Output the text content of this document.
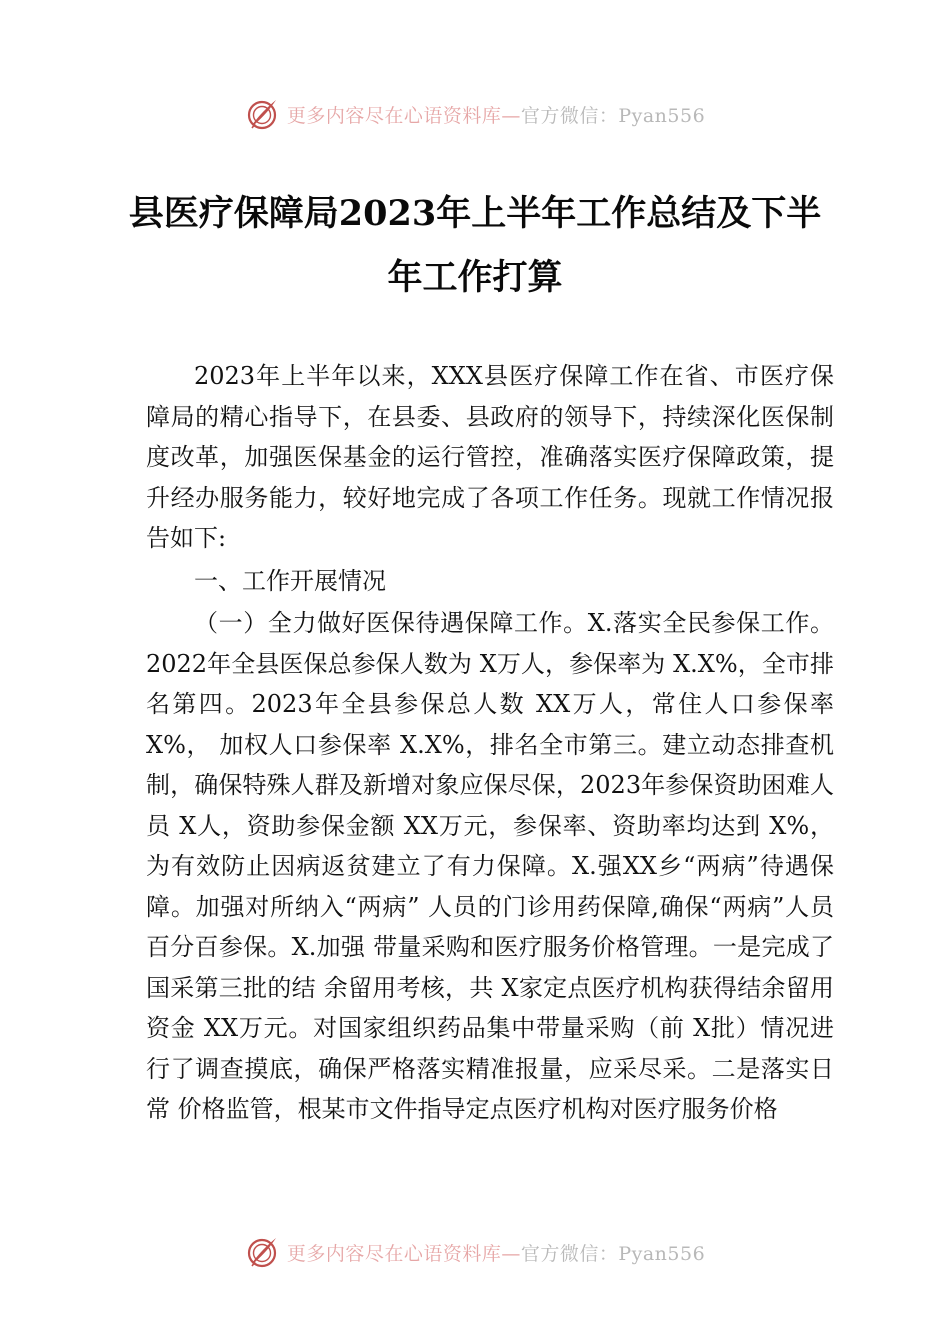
更多内容尽在心语资料库—官方微信：Pyan556
县医疗保障局2023年上半年工作总结及下半年工作打算

2023年上半年以来，XXX县医疗保障工作在省、市医疗保障局的精心指导下，在县委、县政府的领导下，持续深化医保制度改革，加强医保基金的运行管控，准确落实医疗保障政策，提升经办服务能力，较好地完成了各项工作任务。现就工作情况报告如下:

一、工作开展情况

（一）全力做好医保待遇保障工作。X.落实全民参保工作。2022年全县医保总参保人数为 X万人，参保率为 X.X%，全市排名第四。2023年全县参保总人数 XX万人，常住人口参保率 X%， 加权人口参保率 X.X%，排名全市第三。建立动态排查机制，确保特殊人群及新增对象应保尽保，2023年参保资助困难人员 X人，资助参保金额 XX万元，参保率、资助率均达到 X%，为有效防止因病返贫建立了有力保障。X.强XX乡“两病”待遇保障。加强对所纳入“两病” 人员的门诊用药保障,确保“两病”人员百分百参保。X.加强 带量采购和医疗服务价格管理。一是完成了国采第三批的结 余留用考核，共 X家定点医疗机构获得结余留用资金 XX万元。对国家组织药品集中带量采购（前 X批）情况进行了调查摸底，确保严格落实精准报量，应采尽采。二是落实日常 价格监管，根某市文件指导定点医疗机构对医疗服务价格

更多内容尽在心语资料库—官方微信：Pyan556
